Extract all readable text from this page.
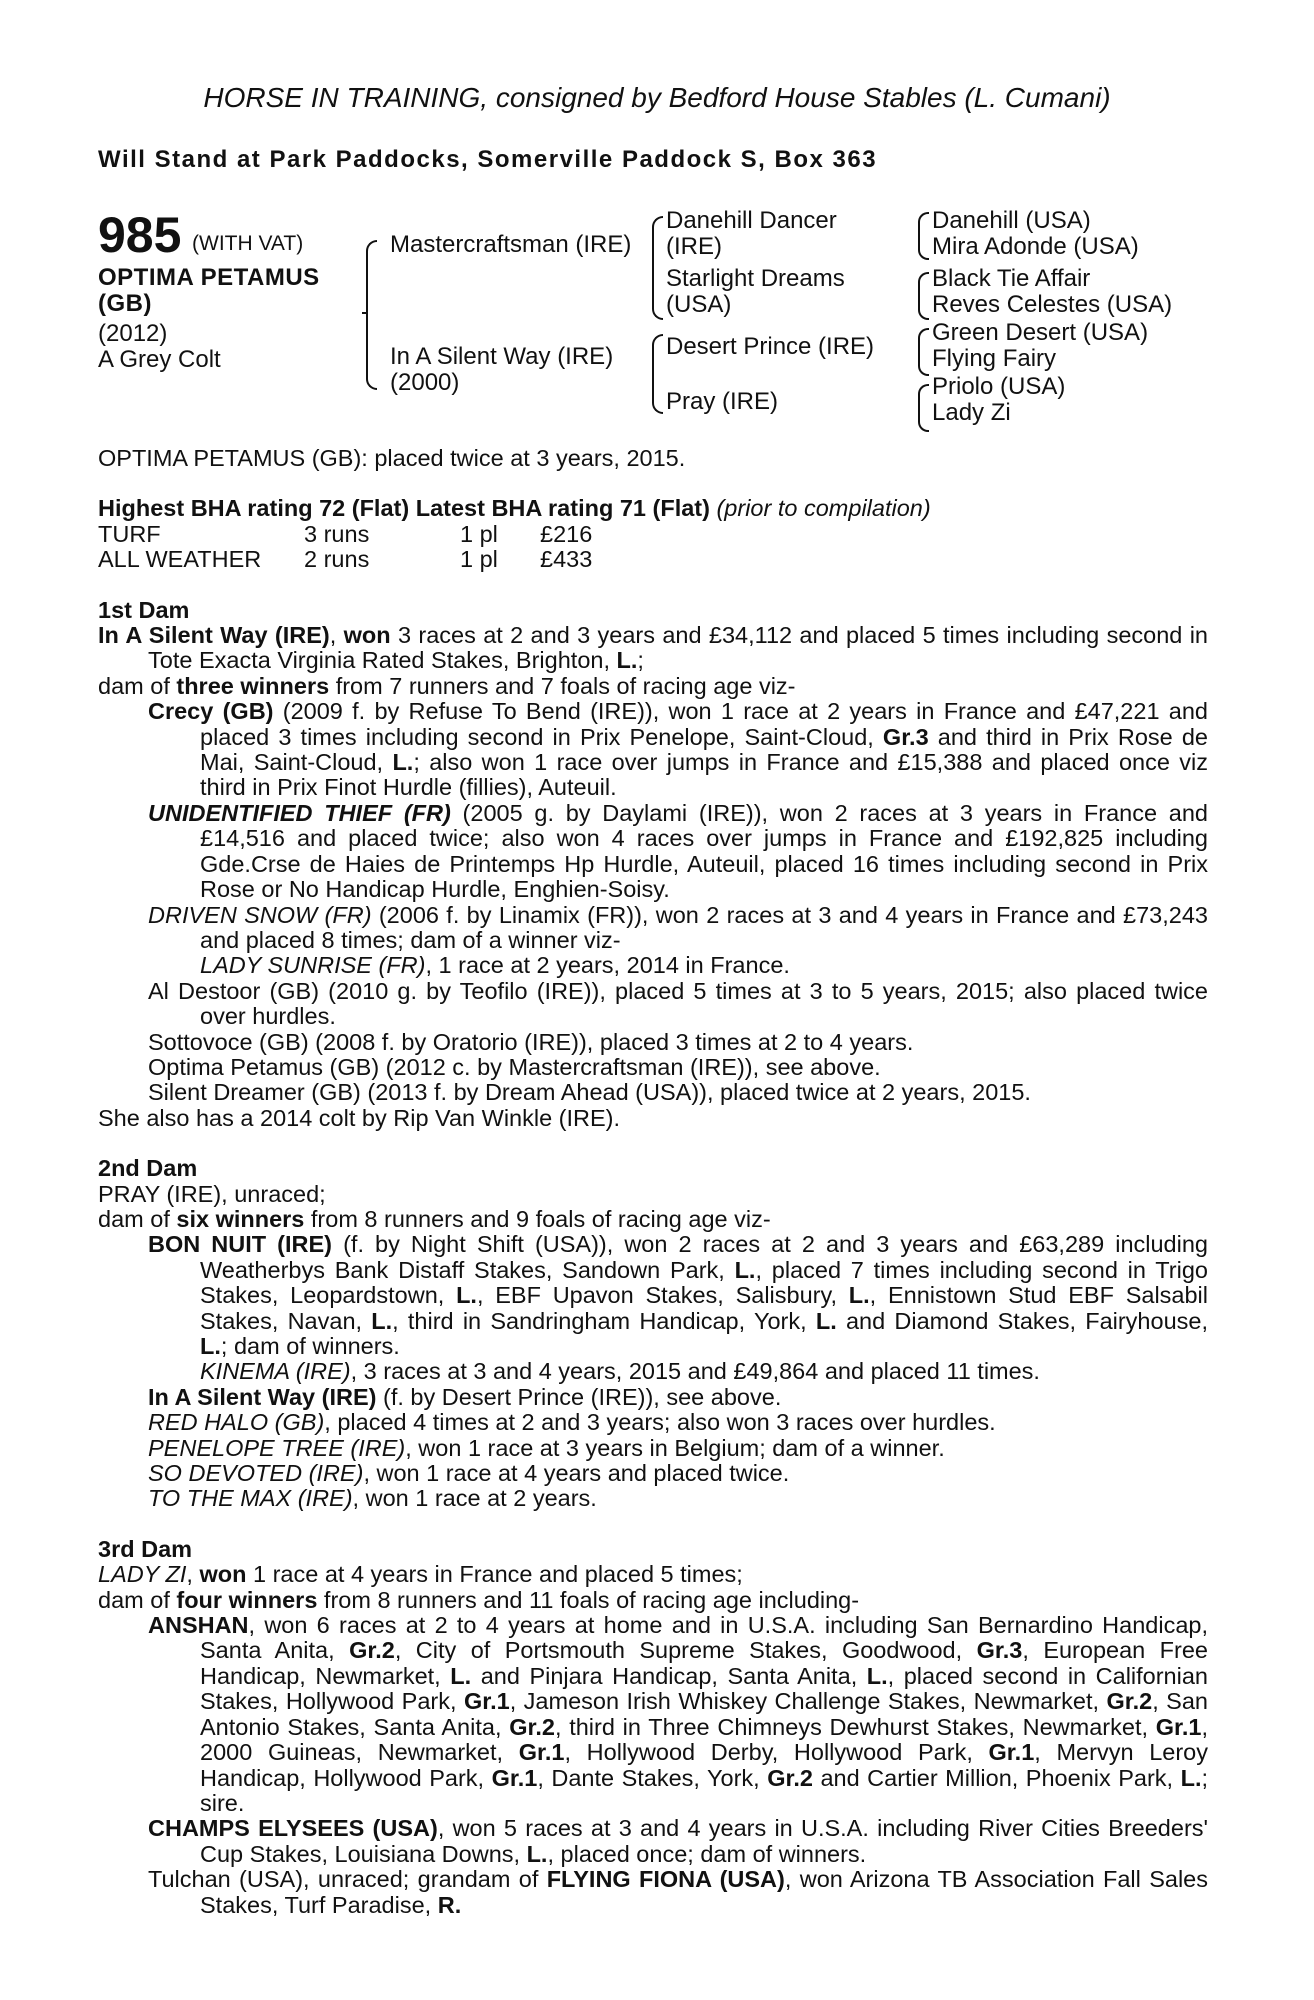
HORSE IN TRAINING, consigned by Bedford House Stables (L. Cumani)
Will Stand at Park Paddocks, Somerville Paddock S, Box 363
985 (WITH VAT)
OPTIMA PETAMUS
(GB)
(2012)
A Grey Colt
Mastercraftsman (IRE)
In A Silent Way (IRE) (2000)
Danehill Dancer (IRE)
Starlight Dreams (USA)
Desert Prince (IRE)
Pray (IRE)
Danehill (USA)
Mira Adonde (USA)
Black Tie Affair
Reves Celestes (USA)
Green Desert (USA)
Flying Fairy
Priolo (USA)
Lady Zi

OPTIMA PETAMUS (GB): placed twice at 3 years, 2015.

Highest BHA rating 72 (Flat) Latest BHA rating 71 (Flat) (prior to compilation)

TURF	3 runs	1 pl	£216
ALL WEATHER	2 runs	1 pl	£433

1st Dam

In A Silent Way (IRE), won 3 races at 2 and 3 years and £34,112 and placed 5 times including second in Tote Exacta Virginia Rated Stakes, Brighton, L.;

dam of three winners from 7 runners and 7 foals of racing age viz-

Crecy (GB) (2009 f. by Refuse To Bend (IRE)), won 1 race at 2 years in France and £47,221 and placed 3 times including second in Prix Penelope, Saint-Cloud, Gr.3 and third in Prix Rose de Mai, Saint-Cloud, L.; also won 1 race over jumps in France and £15,388 and placed once viz third in Prix Finot Hurdle (fillies), Auteuil.

UNIDENTIFIED THIEF (FR) (2005 g. by Daylami (IRE)), won 2 races at 3 years in France and £14,516 and placed twice; also won 4 races over jumps in France and £192,825 including Gde.Crse de Haies de Printemps Hp Hurdle, Auteuil, placed 16 times including second in Prix Rose or No Handicap Hurdle, Enghien-Soisy.

DRIVEN SNOW (FR) (2006 f. by Linamix (FR)), won 2 races at 3 and 4 years in France and £73,243 and placed 8 times; dam of a winner viz-

LADY SUNRISE (FR), 1 race at 2 years, 2014 in France.

Al Destoor (GB) (2010 g. by Teofilo (IRE)), placed 5 times at 3 to 5 years, 2015; also placed twice over hurdles.

Sottovoce (GB) (2008 f. by Oratorio (IRE)), placed 3 times at 2 to 4 years.

Optima Petamus (GB) (2012 c. by Mastercraftsman (IRE)), see above.

Silent Dreamer (GB) (2013 f. by Dream Ahead (USA)), placed twice at 2 years, 2015.

She also has a 2014 colt by Rip Van Winkle (IRE).

2nd Dam

PRAY (IRE), unraced;

dam of six winners from 8 runners and 9 foals of racing age viz-

BON NUIT (IRE) (f. by Night Shift (USA)), won 2 races at 2 and 3 years and £63,289 including Weatherbys Bank Distaff Stakes, Sandown Park, L., placed 7 times including second in Trigo Stakes, Leopardstown, L., EBF Upavon Stakes, Salisbury, L., Ennistown Stud EBF Salsabil Stakes, Navan, L., third in Sandringham Handicap, York, L. and Diamond Stakes, Fairyhouse, L.; dam of winners.

KINEMA (IRE), 3 races at 3 and 4 years, 2015 and £49,864 and placed 11 times.

In A Silent Way (IRE) (f. by Desert Prince (IRE)), see above.

RED HALO (GB), placed 4 times at 2 and 3 years; also won 3 races over hurdles.

PENELOPE TREE (IRE), won 1 race at 3 years in Belgium; dam of a winner.

SO DEVOTED (IRE), won 1 race at 4 years and placed twice.

TO THE MAX (IRE), won 1 race at 2 years.

3rd Dam

LADY ZI, won 1 race at 4 years in France and placed 5 times;

dam of four winners from 8 runners and 11 foals of racing age including-

ANSHAN, won 6 races at 2 to 4 years at home and in U.S.A. including San Bernardino Handicap, Santa Anita, Gr.2, City of Portsmouth Supreme Stakes, Goodwood, Gr.3, European Free Handicap, Newmarket, L. and Pinjara Handicap, Santa Anita, L., placed second in Californian Stakes, Hollywood Park, Gr.1, Jameson Irish Whiskey Challenge Stakes, Newmarket, Gr.2, San Antonio Stakes, Santa Anita, Gr.2, third in Three Chimneys Dewhurst Stakes, Newmarket, Gr.1, 2000 Guineas, Newmarket, Gr.1, Hollywood Derby, Hollywood Park, Gr.1, Mervyn Leroy Handicap, Hollywood Park, Gr.1, Dante Stakes, York, Gr.2 and Cartier Million, Phoenix Park, L.; sire.

CHAMPS ELYSEES (USA), won 5 races at 3 and 4 years in U.S.A. including River Cities Breeders' Cup Stakes, Louisiana Downs, L., placed once; dam of winners.

Tulchan (USA), unraced; grandam of FLYING FIONA (USA), won Arizona TB Association Fall Sales Stakes, Turf Paradise, R.
